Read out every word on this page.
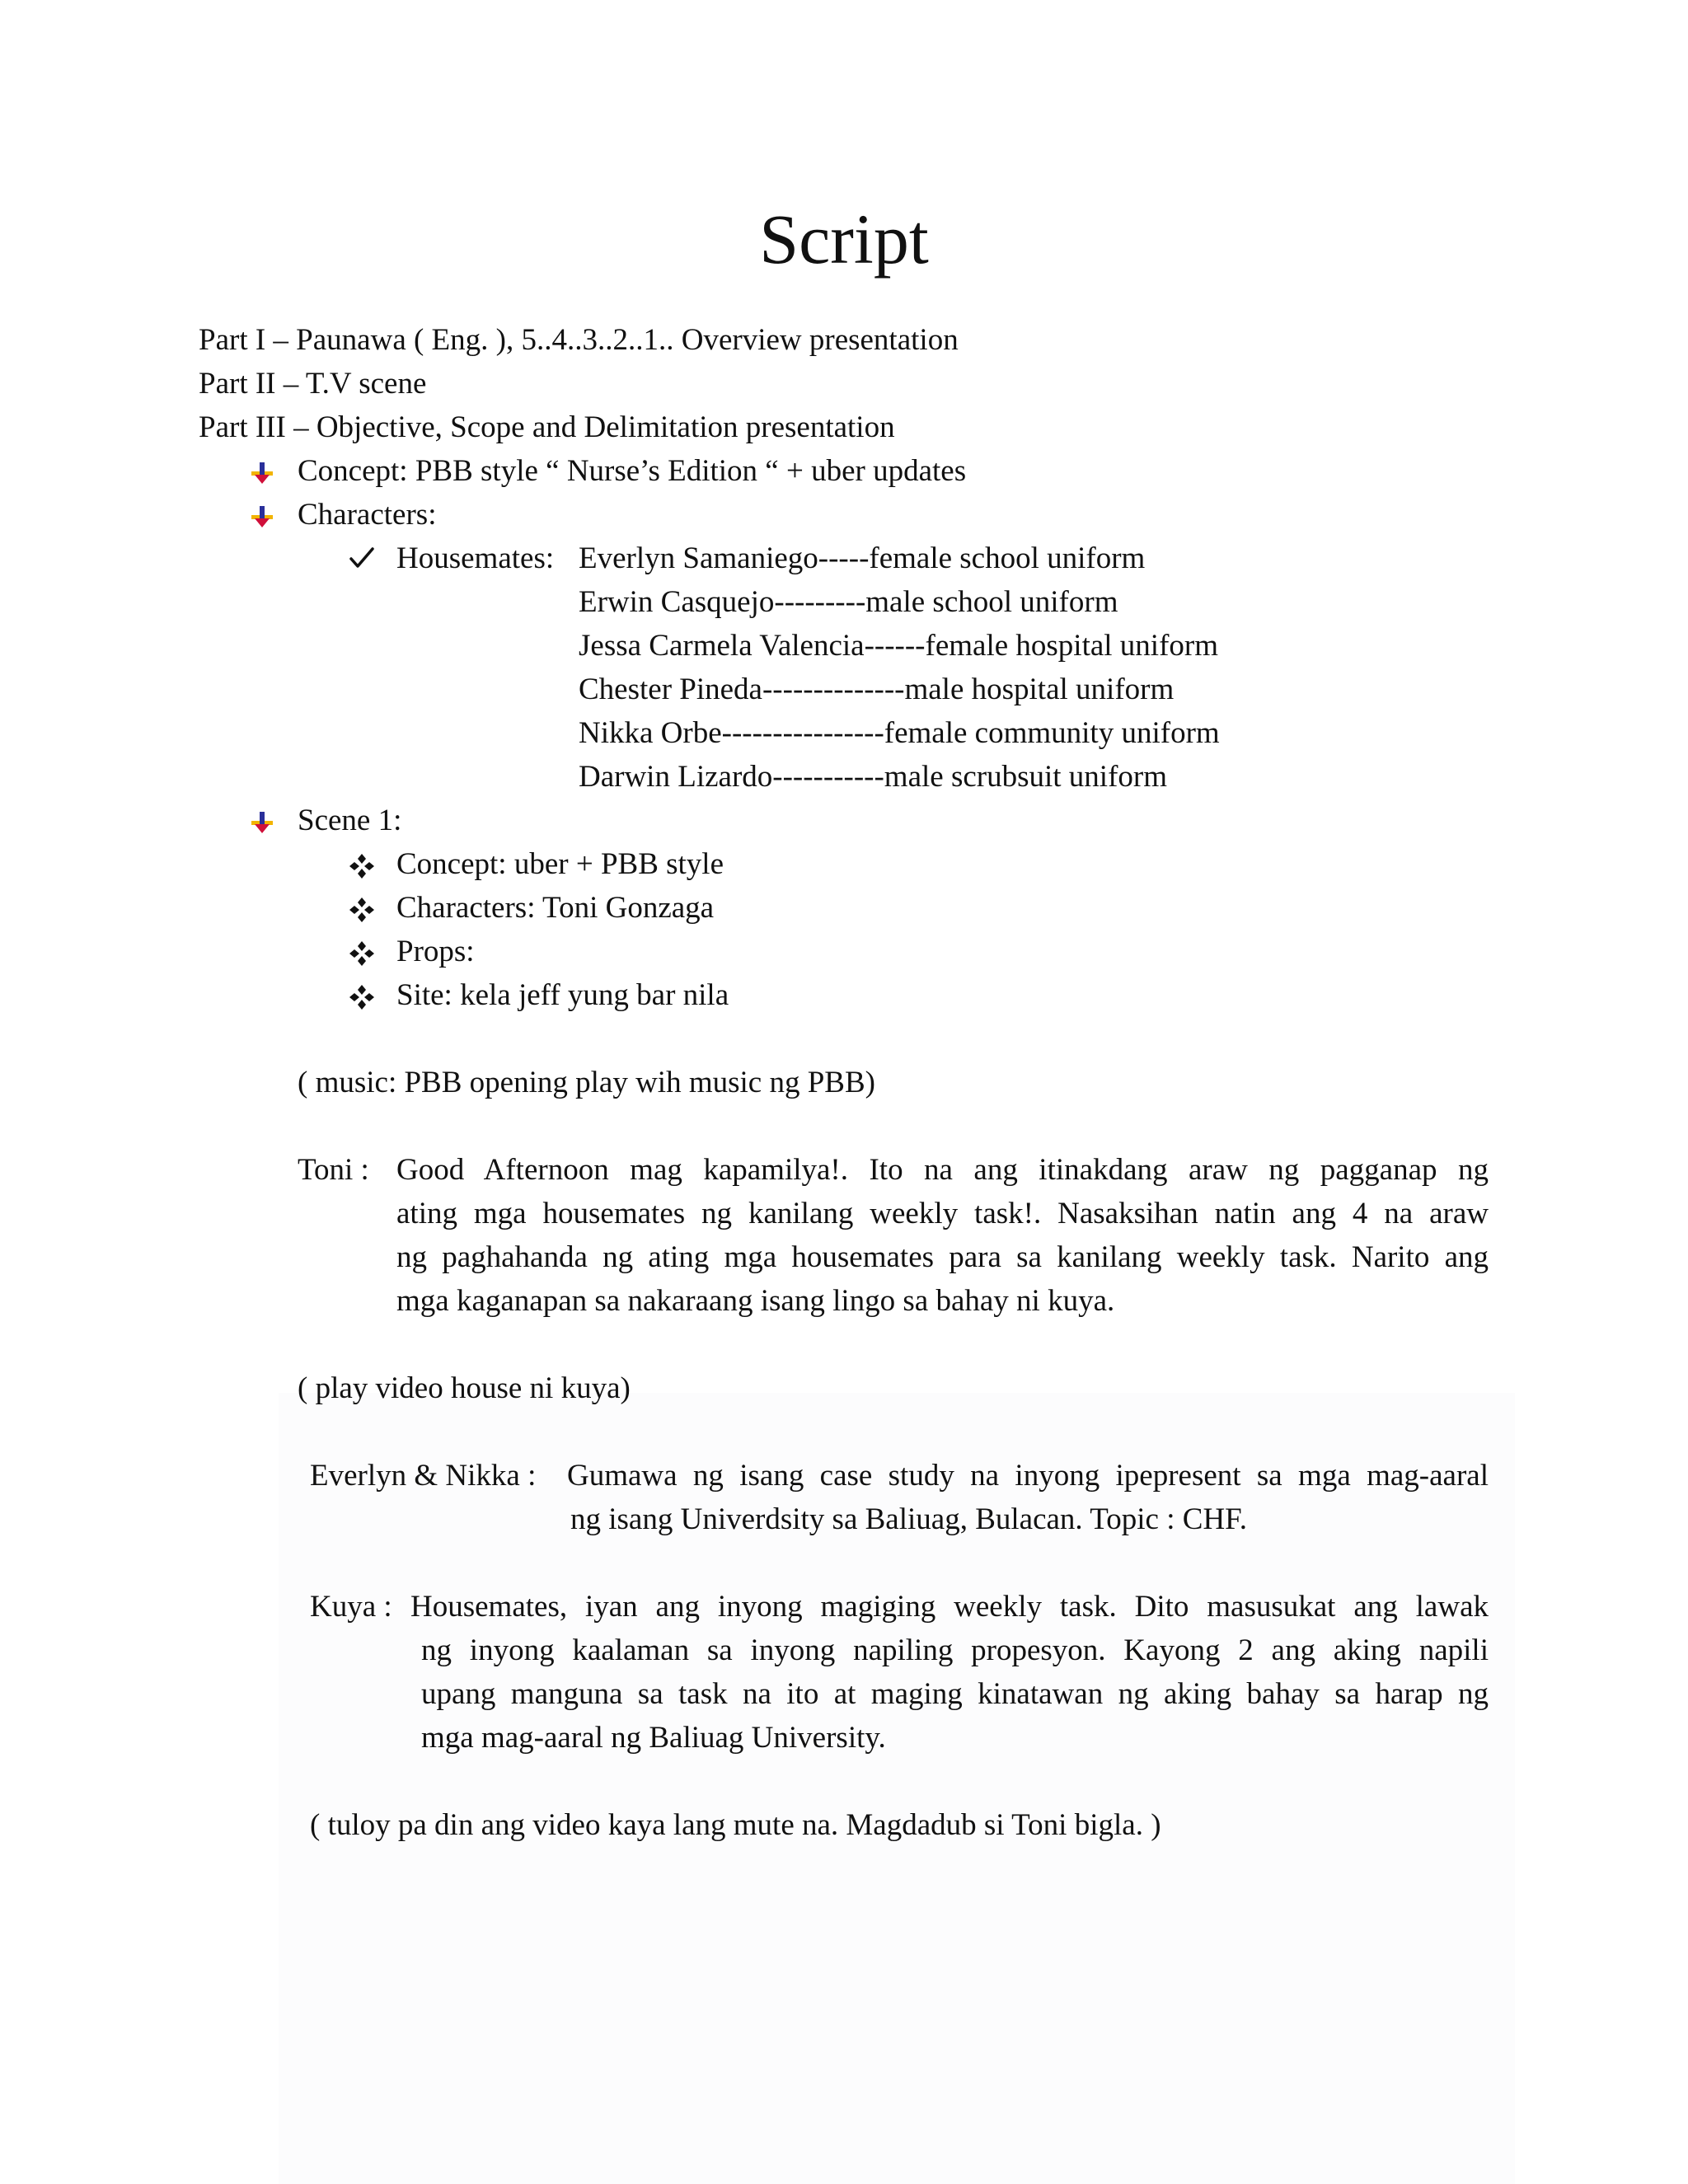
Script
Part I – Paunawa ( Eng. ), 5..4..3..2..1.. Overview presentation
Part II – T.V scene
Part III – Objective, Scope and Delimitation presentation
Concept: PBB style “ Nurse’s Edition “ + uber updates
Characters:
Housemates: Everlyn Samaniego-----female school uniform
Erwin Casquejo---------male school uniform
Jessa Carmela Valencia------female hospital uniform
Chester Pineda--------------male hospital uniform
Nikka Orbe----------------female community uniform
Darwin Lizardo-----------male scrubsuit uniform
Scene 1:
Concept: uber + PBB style
Characters: Toni Gonzaga
Props:
Site: kela jeff yung bar nila
( music: PBB opening play wih music ng PBB)
Toni : Good Afternoon mag kapamilya!. Ito na ang itinakdang araw ng pagganap ng
ating mga housemates ng kanilang weekly task!. Nasaksihan natin ang 4 na araw
ng paghahanda ng ating mga housemates para sa kanilang weekly task. Narito ang
mga kaganapan sa nakaraang isang lingo sa bahay ni kuya.
( play video house ni kuya)
Everlyn & Nikka : Gumawa ng isang case study na inyong ipepresent sa mga mag-aaral
ng isang Univerdsity sa Baliuag, Bulacan. Topic : CHF.
Kuya : Housemates, iyan ang inyong magiging weekly task. Dito masusukat ang lawak
ng inyong kaalaman sa inyong napiling propesyon. Kayong 2 ang aking napili
upang manguna sa task na ito at maging kinatawan ng aking bahay sa harap ng
mga mag-aaral ng Baliuag University.
( tuloy pa din ang video kaya lang mute na. Magdadub si Toni bigla. )
